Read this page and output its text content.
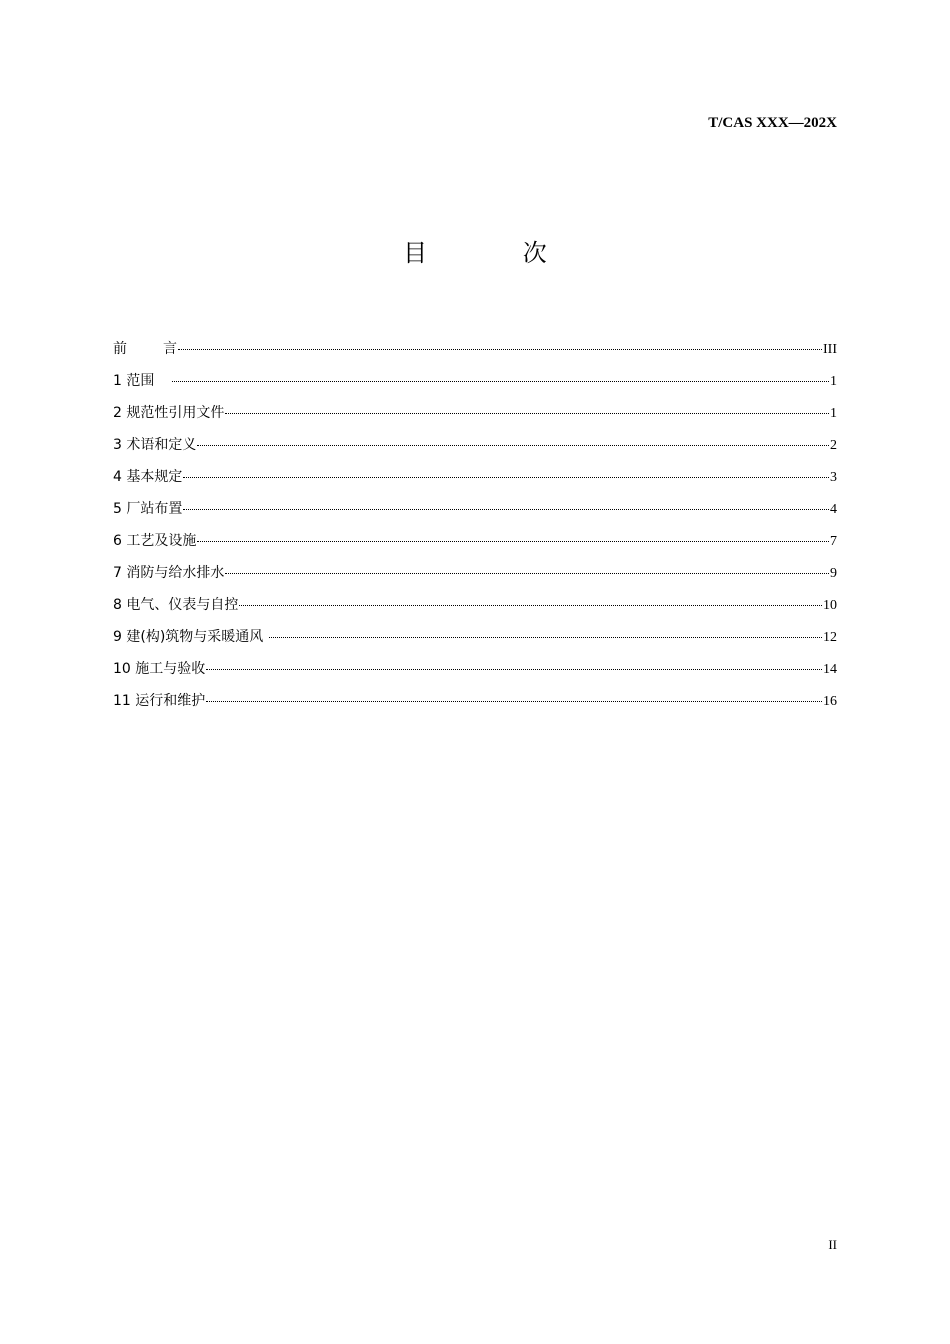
T/CAS XXX—202X
目 次
前	言	III
1 范围	1
2 规范性引用文件	1
3 术语和定义	2
4 基本规定	3
5 厂站布置	4
6 工艺及设施	7
7 消防与给水排水	9
8 电气、仪表与自控	10
9 建(构)筑物与采暖通风	12
10 施工与验收	14
11 运行和维护	16
II
